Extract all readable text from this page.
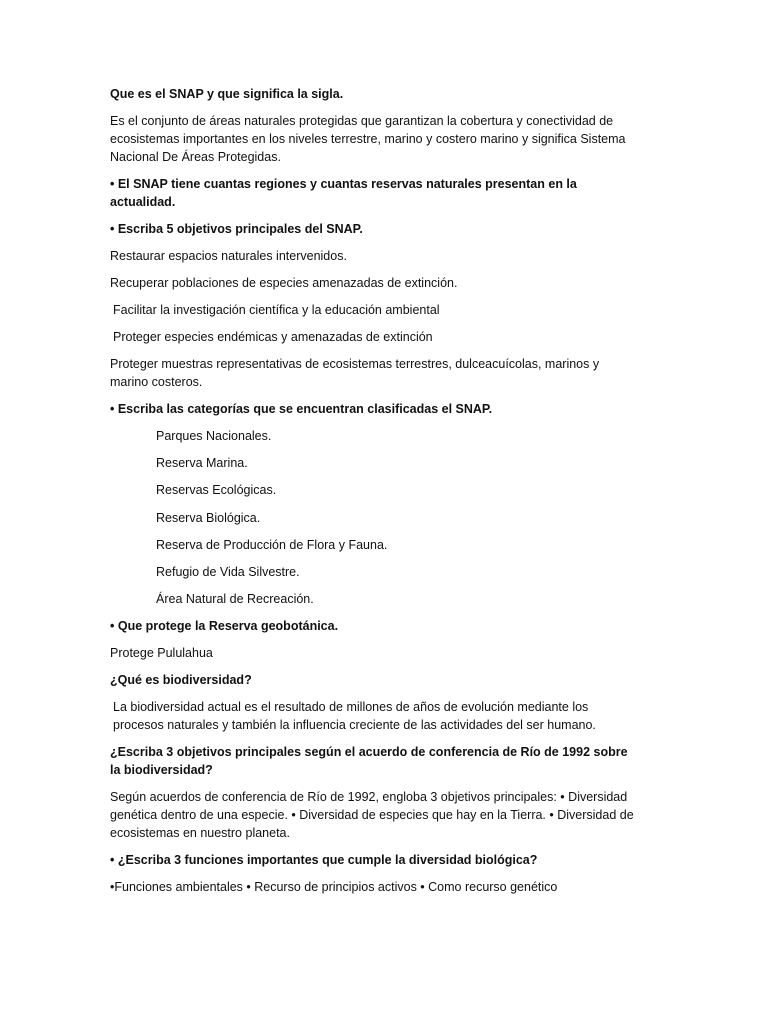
Que es el SNAP y que significa la sigla.

Es el conjunto de áreas naturales protegidas que garantizan la cobertura y conectividad de ecosistemas importantes en los niveles terrestre, marino y costero marino y significa Sistema Nacional De Áreas Protegidas.

• El SNAP tiene cuantas regiones y cuantas reservas naturales presentan en la actualidad.

• Escriba 5 objetivos principales del SNAP.

Restaurar espacios naturales intervenidos.

Recuperar poblaciones de especies amenazadas de extinción.

Facilitar la investigación científica y la educación ambiental

Proteger especies endémicas y amenazadas de extinción

Proteger muestras representativas de ecosistemas terrestres, dulceacuícolas, marinos y marino costeros.

• Escriba las categorías que se encuentran clasificadas el SNAP.

Parques Nacionales.

Reserva Marina.

Reservas Ecológicas.

Reserva Biológica.

Reserva de Producción de Flora y Fauna.

Refugio de Vida Silvestre.

Área Natural de Recreación.

• Que protege la Reserva geobotánica.

Protege Pululahua

¿Qué es biodiversidad?

La biodiversidad actual es el resultado de millones de años de evolución mediante los procesos naturales y también la influencia creciente de las actividades del ser humano.

¿Escriba 3 objetivos principales según el acuerdo de conferencia de Río de 1992 sobre la biodiversidad?

Según acuerdos de conferencia de Río de 1992, engloba 3 objetivos principales: • Diversidad genética dentro de una especie. • Diversidad de especies que hay en la Tierra. • Diversidad de ecosistemas en nuestro planeta.

• ¿Escriba 3 funciones importantes que cumple la diversidad biológica?

•Funciones ambientales • Recurso de principios activos • Como recurso genético
